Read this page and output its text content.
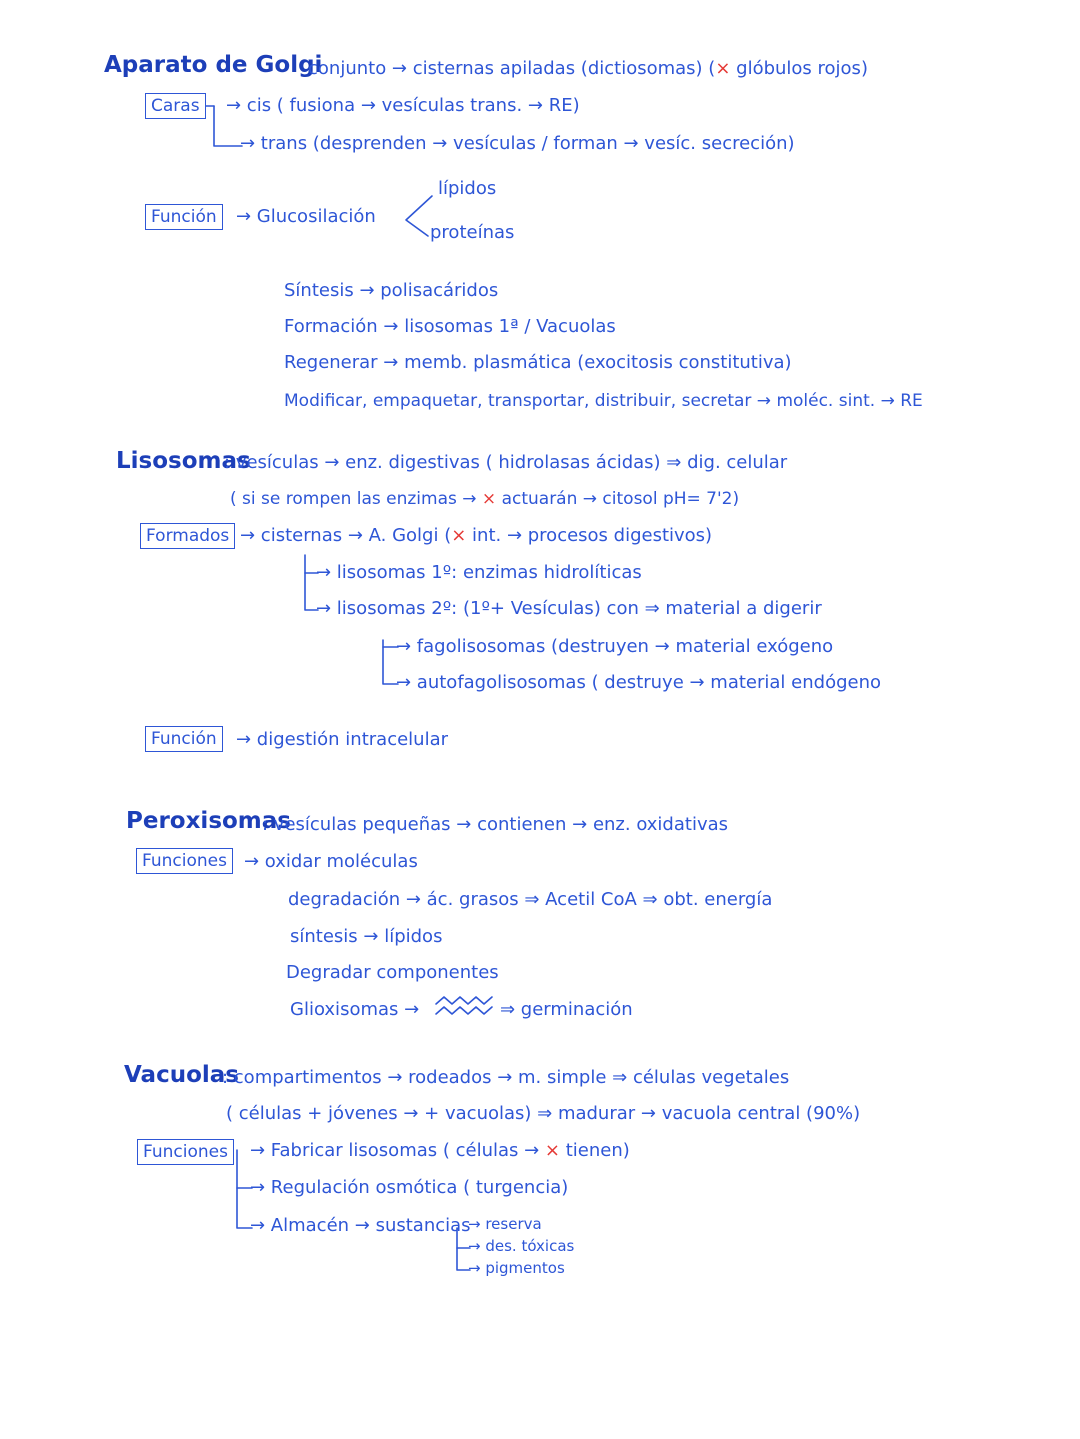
Aparato de Golgi
conjunto → cisternas apiladas (dictiosomas) (× glóbulos rojos)
Caras	→ cis ( fusiona → vesículas trans. → RE)
→ trans (desprenden → vesículas / forman → vesíc. secreción)
Función	→ Glucosilación
lípidos
proteínas
Síntesis → polisacáridos
Formación → lisosomas 1ª / Vacuolas
Regenerar → memb. plasmática (exocitosis constitutiva)
Modificar, empaquetar, transportar, distribuir, secretar → moléc. sint. → RE
Lisosomas
: vesículas → enz. digestivas ( hidrolasas ácidas) ⇒ dig. celular
( si se rompen las enzimas → × actuarán → citosol pH= 7'2)
Formados → cisternas → A. Golgi (× int. → procesos digestivos)
→ lisosomas 1º: enzimas hidrolíticas
→ lisosomas 2º: (1º+ Vesículas) con ⇒ material a digerir
→ fagolisosomas (destruyen → material exógeno
→ autofagolisosomas ( destruye → material endógeno
Función	→ digestión intracelular
Peroxisomas
: vesículas pequeñas → contienen → enz. oxidativas
Funciones → oxidar moléculas
degradación → ác. grasos ⇒ Acetil CoA ⇒ obt. energía
síntesis → lípidos
Degradar componentes
Glioxisomas →	⇒ germinación
Vacuolas
: compartimentos → rodeados → m. simple ⇒ células vegetales
( células + jóvenes → + vacuolas) ⇒ madurar → vacuola central (90%)
Funciones	→ Fabricar lisosomas ( células → × tienen)
→ Regulación osmótica ( turgencia)
→ Almacén → sustancias
→ reserva
→ des. tóxicas
→ pigmentos
